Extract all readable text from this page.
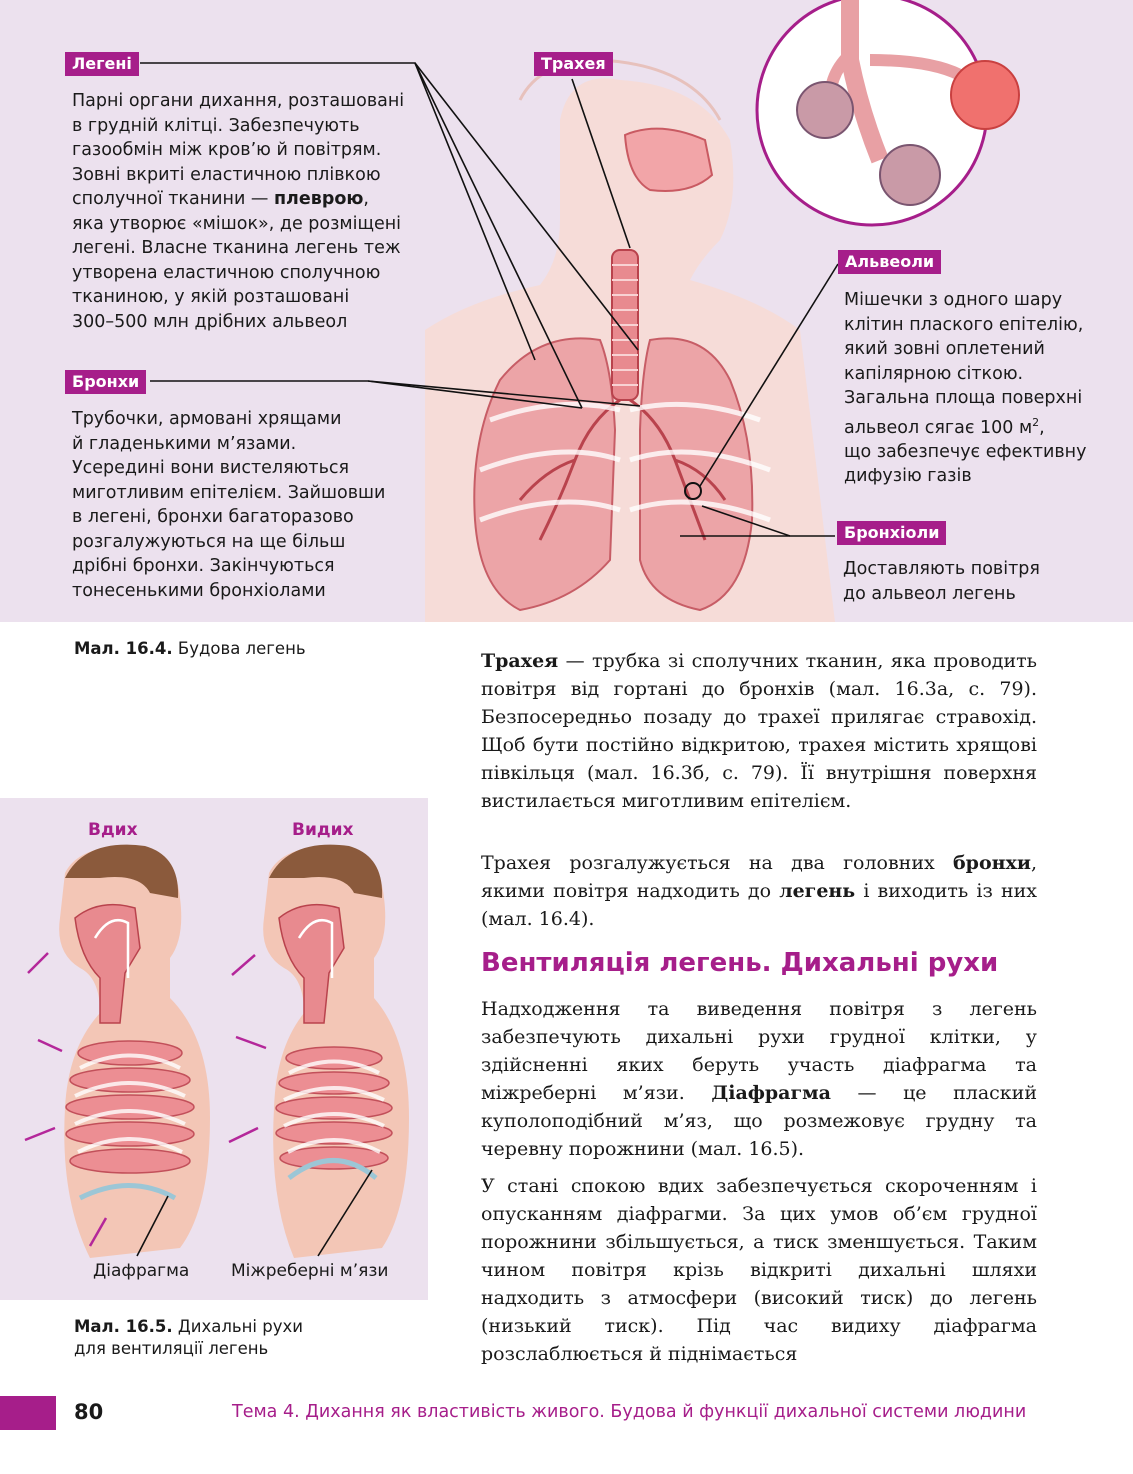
Легені
Парні органи дихання, розташовані
в грудній клітці. Забезпечують
газообмін між кров’ю й повітрям.
Зовні вкриті еластичною плівкою
сполучної тканини — плеврою,
яка утворює «мішок», де розміщені
легені. Власне тканина легень теж
утворена еластичною сполучною
тканиною, у якій розташовані
300–500 млн дрібних альвеол
Трахея
Бронхи
Трубочки, армовані хрящами
й гладенькими м’язами.
Усередині вони вистеляються
миготливим епітелієм. Зайшовши
в легені, бронхи багаторазово
розгалужуються на ще більш
дрібні бронхи. Закінчуються
тонесенькими бронхіолами
Альвеоли
Мішечки з одного шару
клітин плаского епітелію,
який зовні оплетений
капілярною сіткою.
Загальна площа поверхні
альвеол сягає 100 $м^2$,
що забезпечує ефективну
дифузію газів
Бронхіоли
Доставляють повітря
до альвеол легень
Мал. 16.4. Будова легень
Трахея — трубка зі сполучних тканин, яка проводить повітря від гортані до бронхів (мал. 16.3а, с. 79). Безпосередньо позаду до трахеї прилягає стравохід. Щоб бути постійно відкритою, трахея містить хрящові півкільця (мал. 16.3б, с. 79). Її внутрішня поверхня вистилається миготливим епітелієм.
Трахея розгалужується на два головних бронхи, якими повітря надходить до легень і виходить із них (мал. 16.4).
Вентиляція легень. Дихальні рухи
Надходження та виведення повітря з легень забезпечують дихальні рухи грудної клітки, у здійсненні яких беруть участь діафрагма та міжреберні м’язи. Діафрагма — це плаский куполоподібний м’яз, що розмежовує грудну та черевну порожнини (мал. 16.5).
У стані спокою вдих забезпечується скороченням і опусканням діафрагми. За цих умов об’єм грудної порожнини збільшується, а тиск зменшується. Таким чином повітря крізь відкриті дихальні шляхи надходить з атмосфери (високий тиск) до легень (низький тиск). Під час видиху діафрагма розслаблюється й піднімається
Вдих	Видих
Діафрагма Міжреберні м’язи
Мал. 16.5. Дихальні рухи
для вентиляції легень
80	Тема 4. Дихання як властивість живого. Будова й функції дихальної системи людини
